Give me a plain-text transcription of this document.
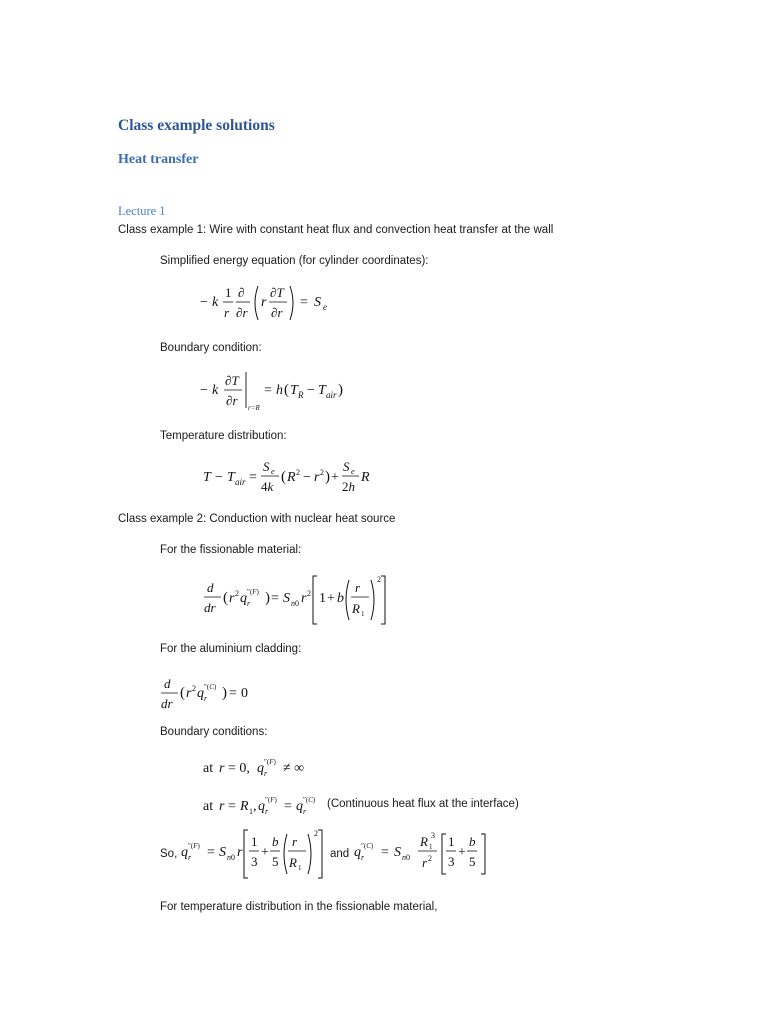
Class example solutions
Heat transfer
Lecture 1
Class example 1: Wire with constant heat flux and convection heat transfer at the wall
Simplified energy equation (for cylinder coordinates):
− k
1
r
∂
∂r
r
∂T
∂r
= S e
Boundary condition:
− k
∂T
∂r r=R
= h ( T R − T air )
Temperature distribution:
T − T air =
S e
4k
( R 2 − r 2 ) +
S e
2h
R
Class example 2: Conduction with nuclear heat source
For the fissionable material:
d
dr
( r 2 q ″(F)
r ) = S n0 r 2 1 + b
r
R 1
2
For the aluminium cladding:
d
dr
( r 2 q ″(C)
r ) = 0
Boundary conditions:
at r = 0, q ″(F)
r ≠ ∞
at r = R 1 , q ″(F)
r = q ″(C)
r
(Continuous heat flux at the interface)
So, q ″(F)
r = S n0 r
1
3
+
b
5
r
R 1
2
and q ″(C)
r = S n0
R 1
3
r 2
1
3
+
b
5
For temperature distribution in the fissionable material,
